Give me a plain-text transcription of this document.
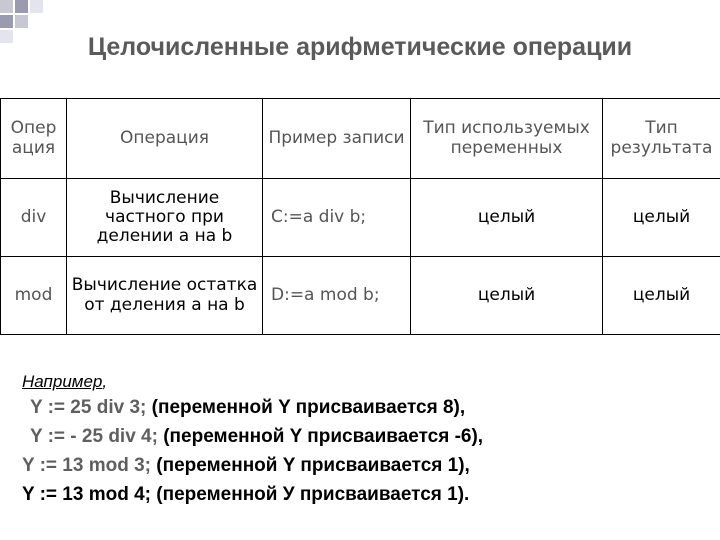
Целочисленные арифметические операции
Опер ация	Операция	Пример записи	Тип используемых переменных	Тип результата
div	Вычисление частного при делении a на b	C:=a div b;	целый	целый
mod	Вычисление остатка от деления a на b	D:=a mod b;	целый	целый
Например,
Y := 25 div 3; (переменной Y присваивается 8),
Y := - 25 div 4; (переменной Y присваивается -6),
Y := 13 mod 3; (переменной Y присваивается 1),
Y := 13 mod 4; (переменной У присваивается 1).
